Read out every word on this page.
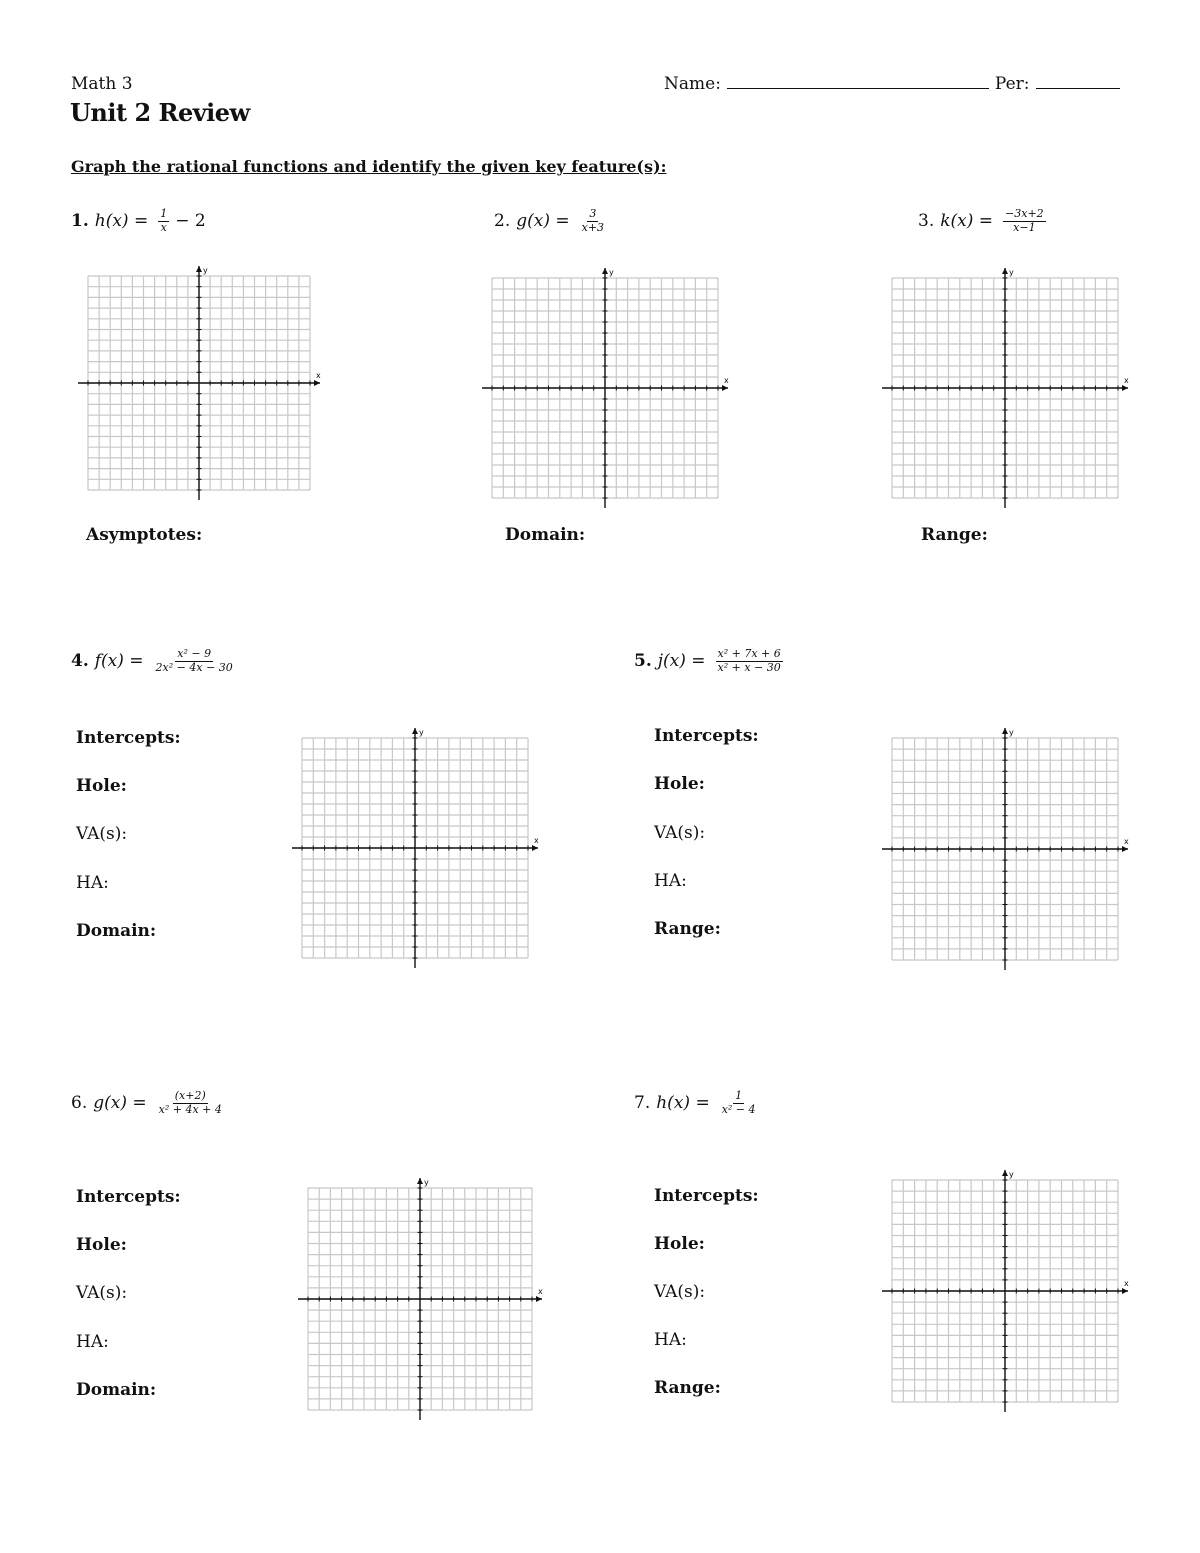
Math 3
Unit 2 Review
Name:	Per:
Graph the rational functions and identify the given key feature(s):
1. $h(x) = \frac{1}{x} - 2$
x
y
Asymptotes:
2. $g(x) = \frac{3}{x+3}$
x
y
Domain:
3. $k(x) = \frac{-3x+2}{x-1}$
x
y
Range:
4. $f(x) = \frac{\text{x² − 9}}{\text{2x² − 4x − 30}}$
Intercepts:
Hole:
VA(s):
HA:
Domain:
x
y
5. $j(x) = \frac{\text{x² + 7x + 6}}{\text{x² + x − 30}}$
Intercepts:
Hole:
VA(s):
HA:
Range:
x
y
6. $g(x) = \frac{(x+2)}{\text{x² + 4x + 4}}$
Intercepts:
Hole:
VA(s):
HA:
Domain:
x
y
7. $h(x) = \frac{1}{\text{x² − 4}}$
Intercepts:
Hole:
VA(s):
HA:
Range:
x
y
